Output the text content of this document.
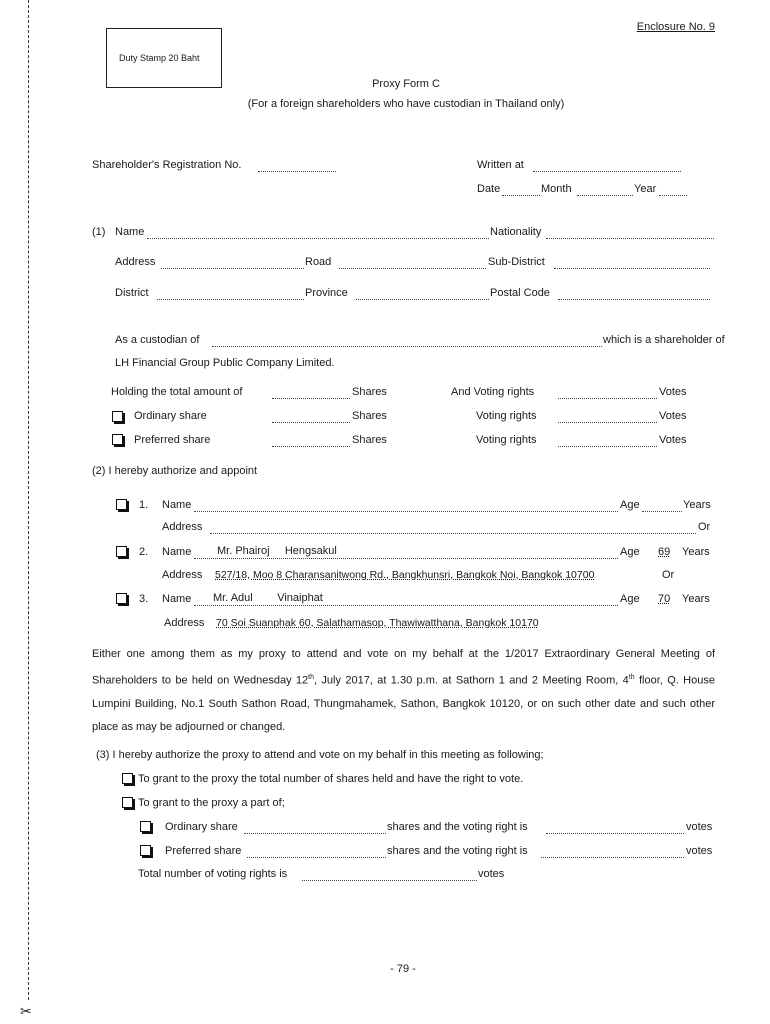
✂
Enclosure No. 9
Duty Stamp 20 Baht
Proxy Form C
(For a foreign shareholders who have custodian in Thailand only)
Shareholder's Registration No.	Written at
Date	Month	Year
(1) Name	Nationality
Address	Road	Sub-District
District	Province	Postal Code
As a custodian of	which is a shareholder of
LH Financial Group Public Company Limited.
Holding the total amount of	Shares	And Voting rights	Votes
Ordinary share	Shares	Voting rights	Votes
Preferred share	Shares	Voting rights	Votes
(2) I hereby authorize and appoint
1. Name	Age	Years
Address	Or
2. Name Mr. Phairoj     Hengsakul	Age 69 Years
Address 527/18, Moo 8 Charansanitwong Rd., Bangkhunsri, Bangkok Noi, Bangkok 10700	Or
3. Name Mr. Adul        Vinaiphat	Age 70 Years
Address 70 Soi Suanphak 60, Salathamasop, Thawiwatthana, Bangkok 10170
Either one among them as my proxy to attend and vote on my behalf at the 1/2017 Extraordinary General Meeting of Shareholders to be held on Wednesday 12th, July 2017, at 1.30 p.m. at Sathorn 1 and 2 Meeting Room, 4th floor, Q. House Lumpini Building, No.1 South Sathon Road, Thungmahamek, Sathon, Bangkok 10120, or on such other date and such other place as may be adjourned or changed.
(3) I hereby authorize the proxy to attend and vote on my behalf in this meeting as following;
To grant to the proxy the total number of shares held and have the right to vote.
To grant to the proxy a part of;
Ordinary share	shares and the voting right is	votes
Preferred share	shares and the voting right is	votes
Total number of voting rights is	votes
- 79 -
